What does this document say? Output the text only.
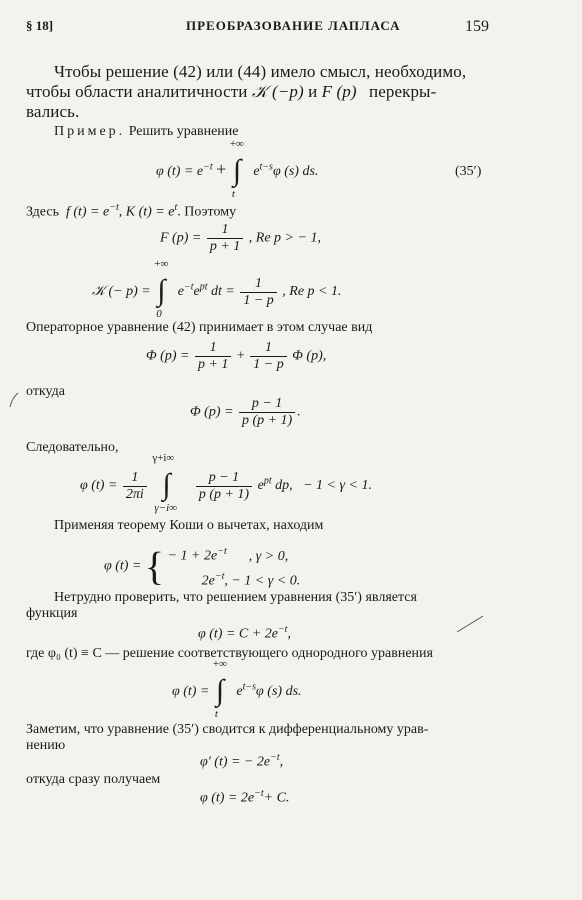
§ 18]	ПРЕОБРАЗОВАНИЕ ЛАПЛАСА	159
Чтобы решение (42) или (44) имело смысл, необходимо,
чтобы области аналитичности 𝒦 (−p) и F (p) перекры-
вались.
Пример. Решить уравнение
φ $(t) = e^{-t}$ + ∫
+∞
t
$e^{t-s}\varphi$ (s) ds.	(35′)
Здесь f $(t) = e^{-t}$, K $(t) = e^t$. Поэтому
F $(p) = \frac{1}{p + 1}$ , Re p > − 1,
𝒦 (− p) = ∫
+∞
0
$e^{-t}e^{pt}$ dt = $\frac{1}{1 - p}$ , Re p < 1.
Операторное уравнение (42) принимает в этом случае вид
Φ $(p) = \frac{1}{p + 1} + \frac{1}{1 - p}$ Φ (p),
откуда
Φ $(p) = \frac{p - 1}{p (p + 1)}$ .
Следовательно,
φ $(t) = \frac{1}{2\pi i}$
∫
γ+i∞
γ−i∞

$\frac{p - 1}{p (p + 1)} e^{pt}$ dp, − 1 < γ < 1.
Применяя теорему Коши о вычетах, находим
φ (t) = { − $1 + 2e^{-t}$ , γ > 0,
$2e^{-t}$, − 1 < γ < 0.
Нетрудно проверить, что решением уравнения (35′) является
функция
φ $(t) = C + 2e^{-t}$,
где φ₀ (t) ≡ C — решение соответствующего однородного уравнения
φ (t) = ∫
+∞
t
$e^{t-s}\varphi$ (s) ds.
Заметим, что уравнение (35′) сводится к дифференциальному урав-
нению
φ′ (t) = − $2e^{-t}$,
откуда сразу получаем
φ $(t) = 2e^{-t}+ C$.
